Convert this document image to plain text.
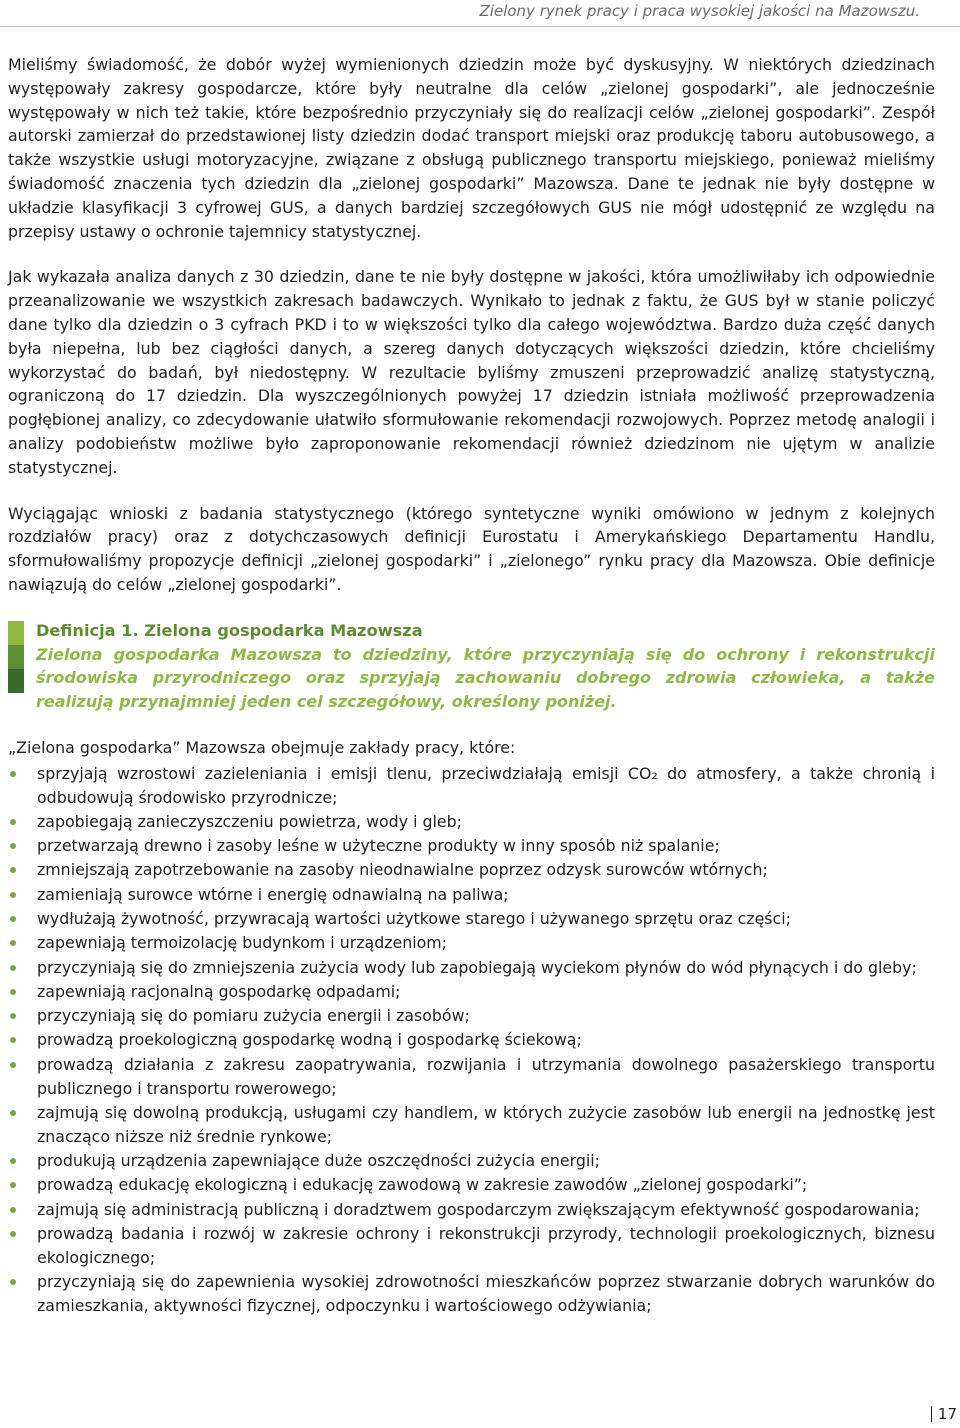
Zielony rynek pracy i praca wysokiej jakości na Mazowszu.

Mieliśmy świadomość, że dobór wyżej wymienionych dziedzin może być dyskusyjny. W niektórych dziedzinach występowały zakresy gospodarcze, które były neutralne dla celów „zielonej gospodarki”, ale jednocześnie występowały w nich też takie, które bezpośrednio przyczyniały się do realizacji celów „zielonej gospodarki”. Zespół autorski zamierzał do przedstawionej listy dziedzin dodać transport miejski oraz produkcję taboru autobusowego, a także wszystkie usługi motoryzacyjne, związane z obsługą publicznego transportu miejskiego, ponieważ mieliśmy świadomość znaczenia tych dziedzin dla „zielonej gospodarki” Mazowsza. Dane te jednak nie były dostępne w układzie klasyfikacji 3 cyfrowej GUS, a danych bardziej szczegółowych GUS nie mógł udostępnić ze względu na przepisy ustawy o ochronie tajemnicy statystycznej.

Jak wykazała analiza danych z 30 dziedzin, dane te nie były dostępne w jakości, która umożliwiłaby ich odpowiednie przeanalizowanie we wszystkich zakresach badawczych. Wynikało to jednak z faktu, że GUS był w stanie policzyć dane tylko dla dziedzin o 3 cyfrach PKD i to w większości tylko dla całego województwa. Bardzo duża część danych była niepełna, lub bez ciągłości danych, a szereg danych dotyczących większości dziedzin, które chcieliśmy wykorzystać do badań, był niedostępny. W rezultacie byliśmy zmuszeni przeprowadzić analizę statystyczną, ograniczoną do 17 dziedzin. Dla wyszczególnionych powyżej 17 dziedzin istniała możliwość przeprowadzenia pogłębionej analizy, co zdecydowanie ułatwiło sformułowanie rekomendacji rozwojowych. Poprzez metodę analogii i analizy podobieństw możliwe było zaproponowanie rekomendacji również dziedzinom nie ujętym w analizie statystycznej.

Wyciągając wnioski z badania statystycznego (którego syntetyczne wyniki omówiono w jednym z kolejnych rozdziałów pracy) oraz z dotychczasowych definicji Eurostatu i Amerykańskiego Departamentu Handlu, sformułowaliśmy propozycje definicji „zielonej gospodarki” i „zielonego” rynku pracy dla Mazowsza. Obie definicje nawiązują do celów „zielonej gospodarki”.

Definicja 1. Zielona gospodarka Mazowsza

Zielona gospodarka Mazowsza to dziedziny, które przyczyniają się do ochrony i rekonstrukcji środowiska przyrodniczego oraz sprzyjają zachowaniu dobrego zdrowia człowieka, a także realizują przynajmniej jeden cel szczegółowy, określony poniżej.

„Zielona gospodarka” Mazowsza obejmuje zakłady pracy, które:

sprzyjają wzrostowi zazieleniania i emisji tlenu, przeciwdziałają emisji CO₂ do atmosfery, a także chronią i odbudowują środowisko przyrodnicze;
zapobiegają zanieczyszczeniu powietrza, wody i gleb;
przetwarzają drewno i zasoby leśne w użyteczne produkty w inny sposób niż spalanie;
zmniejszają zapotrzebowanie na zasoby nieodnawialne poprzez odzysk surowców wtórnych;
zamieniają surowce wtórne i energię odnawialną na paliwa;
wydłużają żywotność, przywracają wartości użytkowe starego i używanego sprzętu oraz części;
zapewniają termoizolację budynkom i urządzeniom;
przyczyniają się do zmniejszenia zużycia wody lub zapobiegają wyciekom płynów do wód płynących i do gleby;
zapewniają racjonalną gospodarkę odpadami;
przyczyniają się do pomiaru zużycia energii i zasobów;
prowadzą proekologiczną gospodarkę wodną i gospodarkę ściekową;
prowadzą działania z zakresu zaopatrywania, rozwijania i utrzymania dowolnego pasażerskiego transportu publicznego i transportu rowerowego;
zajmują się dowolną produkcją, usługami czy handlem, w których zużycie zasobów lub energii na jednostkę jest znacząco niższe niż średnie rynkowe;
produkują urządzenia zapewniające duże oszczędności zużycia energii;
prowadzą edukację ekologiczną i edukację zawodową w zakresie zawodów „zielonej gospodarki”;
zajmują się administracją publiczną i doradztwem gospodarczym zwiększającym efektywność gospodarowania;
prowadzą badania i rozwój w zakresie ochrony i rekonstrukcji przyrody, technologii proekologicznych, biznesu ekologicznego;
przyczyniają się do zapewnienia wysokiej zdrowotności mieszkańców poprzez stwarzanie dobrych warunków do zamieszkania, aktywności fizycznej, odpoczynku i wartościowego odżywiania;
17
